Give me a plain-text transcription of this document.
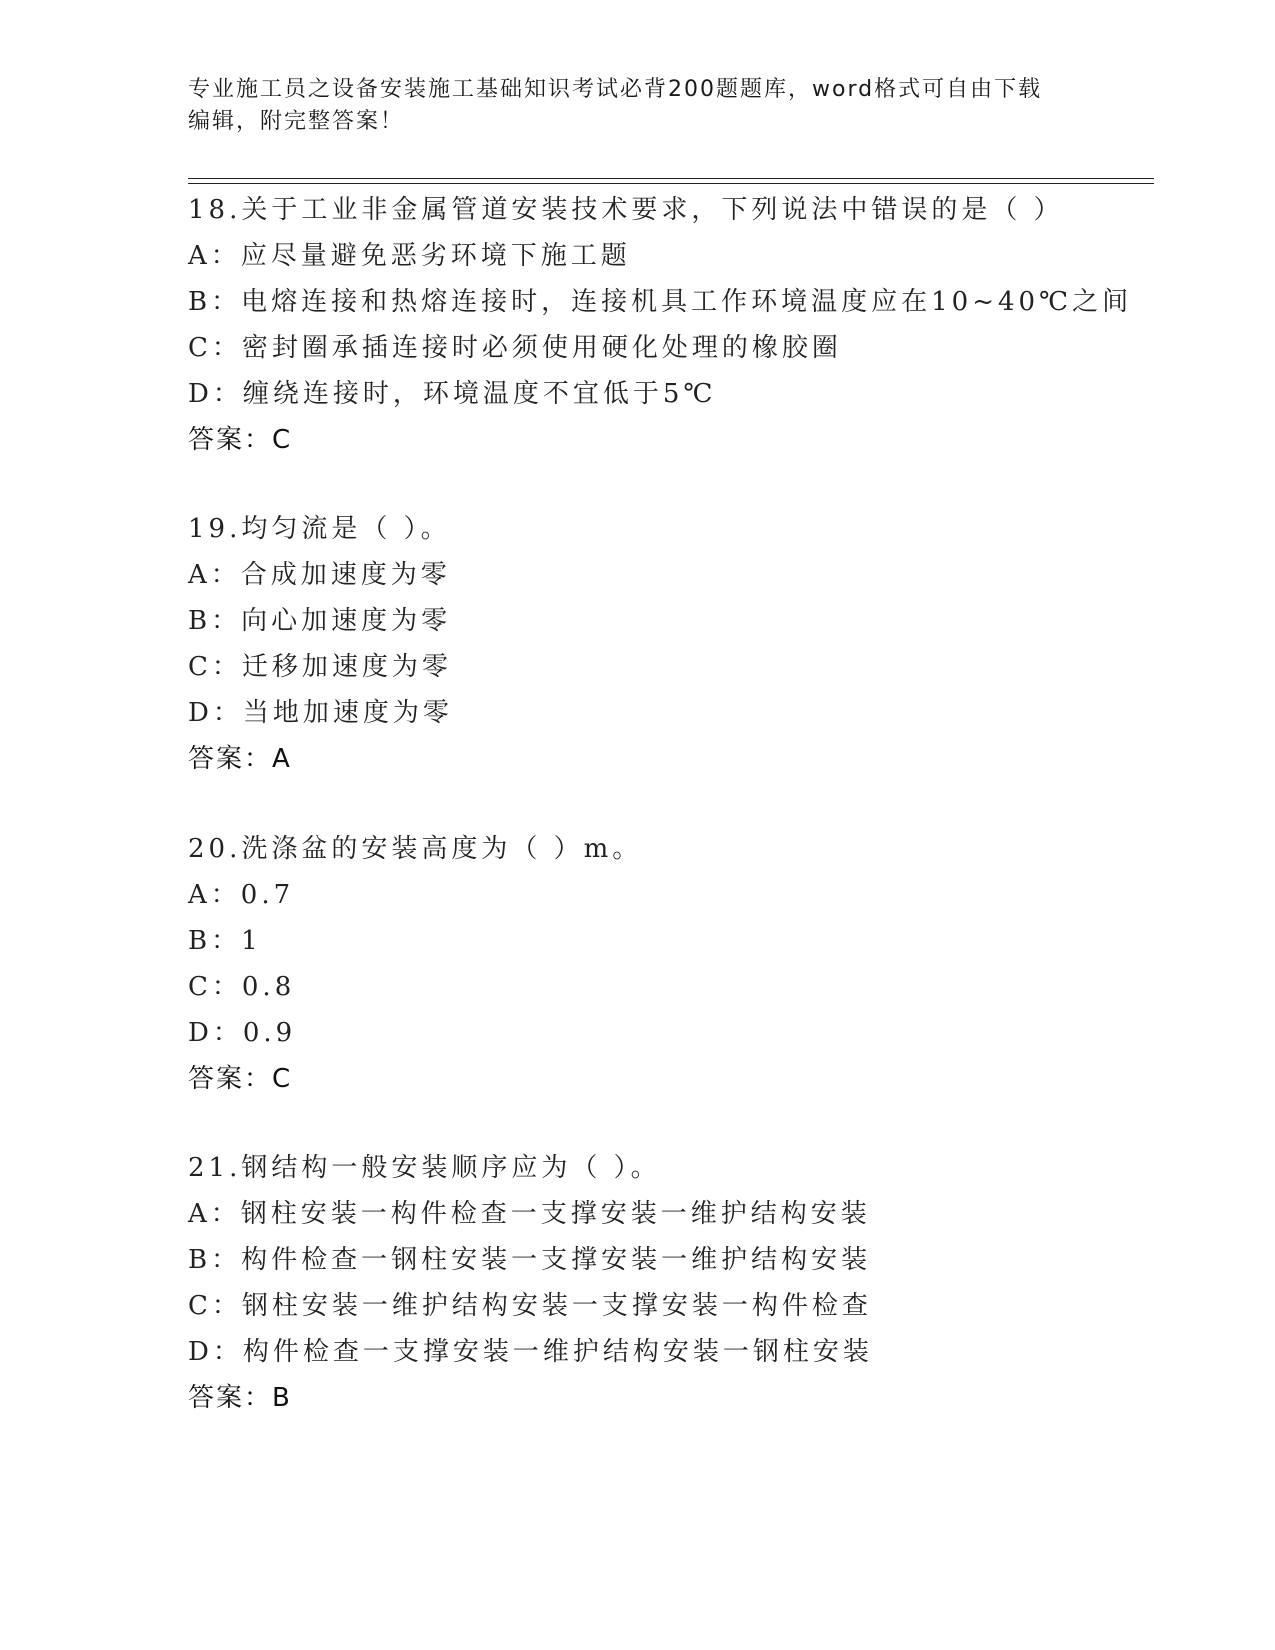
专业施工员之设备安装施工基础知识考试必背200题题库，word格式可自由下载
编辑，附完整答案！
18.关于工业非金属管道安装技术要求，下列说法中错误的是（ ）
A：应尽量避免恶劣环境下施工题
B：电熔连接和热熔连接时，连接机具工作环境温度应在10~40℃之间
C：密封圈承插连接时必须使用硬化处理的橡胶圈
D：缠绕连接时，环境温度不宜低于5℃
答案：C
19.均匀流是（ ）。
A：合成加速度为零
B：向心加速度为零
C：迁移加速度为零
D：当地加速度为零
答案：A
20.洗涤盆的安装高度为（ ）m。
A：0.7
B：1
C：0.8
D：0.9
答案：C
21.钢结构一般安装顺序应为（ ）。
A：钢柱安装一构件检查一支撑安装一维护结构安装
B：构件检查一钢柱安装一支撑安装一维护结构安装
C：钢柱安装一维护结构安装一支撑安装一构件检查
D：构件检查一支撑安装一维护结构安装一钢柱安装
答案：B
